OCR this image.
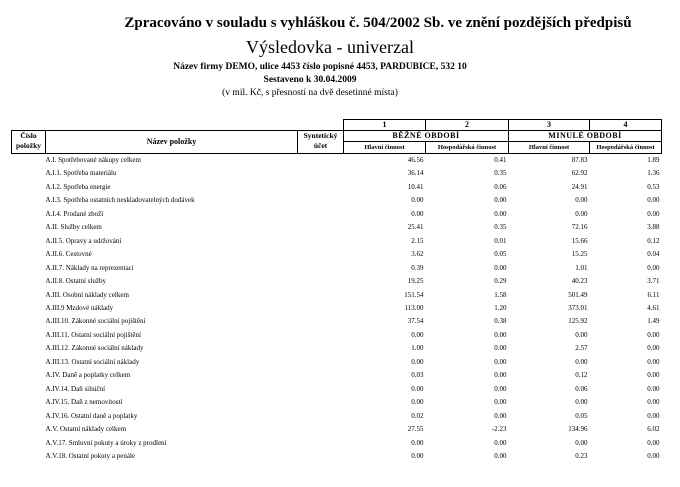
Zpracováno v souladu s vyhláškou č. 504/2002 Sb. ve znění pozdějších předpisů
Výsledovka - univerzal
Název firmy DEMO, ulice 4453 číslo popisné 4453, PARDUBICE, 532 10
Sestaveno k 30.04.2009
(v mil. Kč, s přesností na dvě desetinné místa)
			1	2	3	4
Číslo položky	Název položky	Syntetický účet	BĚŽNÉ OBDOBÍ		MINULÉ OBDOBÍ	
			Hlavní činnost	Hospodářská činnost	Hlavní činnost	Hospodářská činnost
	A.I. Spotřebované nákupy celkem		46.56	0.41	87.83	1.89
	A.I.1. Spotřeba materiálu		36.14	0.35	62.92	1.36
	A.I.2. Spotřeba energie		10.41	0.06	24.91	0.53
	A.I.3. Spotřeba ostatních neskladovatelných dodávek		0.00	0.00	0.00	0.00
	A.I.4. Prodané zboží		0.00	0.00	0.00	0.00
	A.II. Služby celkem		25.41	0.35	72.16	3.88
	A.II.5. Opravy a udržování		2.15	0.01	15.66	0.12
	A.II.6. Cestovné		3.62	0.05	15.25	0.04
	A.II.7. Náklady na reprezentaci		0.39	0.00	1.01	0.00
	A.II.8. Ostatní služby		19.25	0.29	40.23	3.71
	A.III. Osobní náklady celkem		151.54	1.58	501.49	6.11
	A.III.9 Mzdové náklady		113.00	1.20	373.01	4.61
	A.III.10. Zákonné sociální pojištění		37.54	0.38	125.92	1.49
	A.III.11. Ostatní sociální pojištění		0.00	0.00	0.00	0.00
	A.III.12. Zákonné sociální náklady		1.00	0.00	2.57	0.00
	A.III.13. Ostatní sociální náklady		0.00	0.00	0.00	0.00
	A.IV. Daně a poplatky celkem		0.03	0.00	0.12	0.00
	A.IV.14. Daň silniční		0.00	0.00	0.06	0.00
	A.IV.15. Daň z nemovitostí		0.00	0.00	0.00	0.00
	A.IV.16. Ostatní daně a poplatky		0.02	0.00	0.05	0.00
	A.V. Ostatní náklady celkem		27.55	-2.23	134.96	6.02
	A.V.17. Smluvní pokuty a úroky z prodlení		0.00	0.00	0.00	0.00
	A.V.18. Ostatní pokuty a penále		0.00	0.00	0.23	0.00
